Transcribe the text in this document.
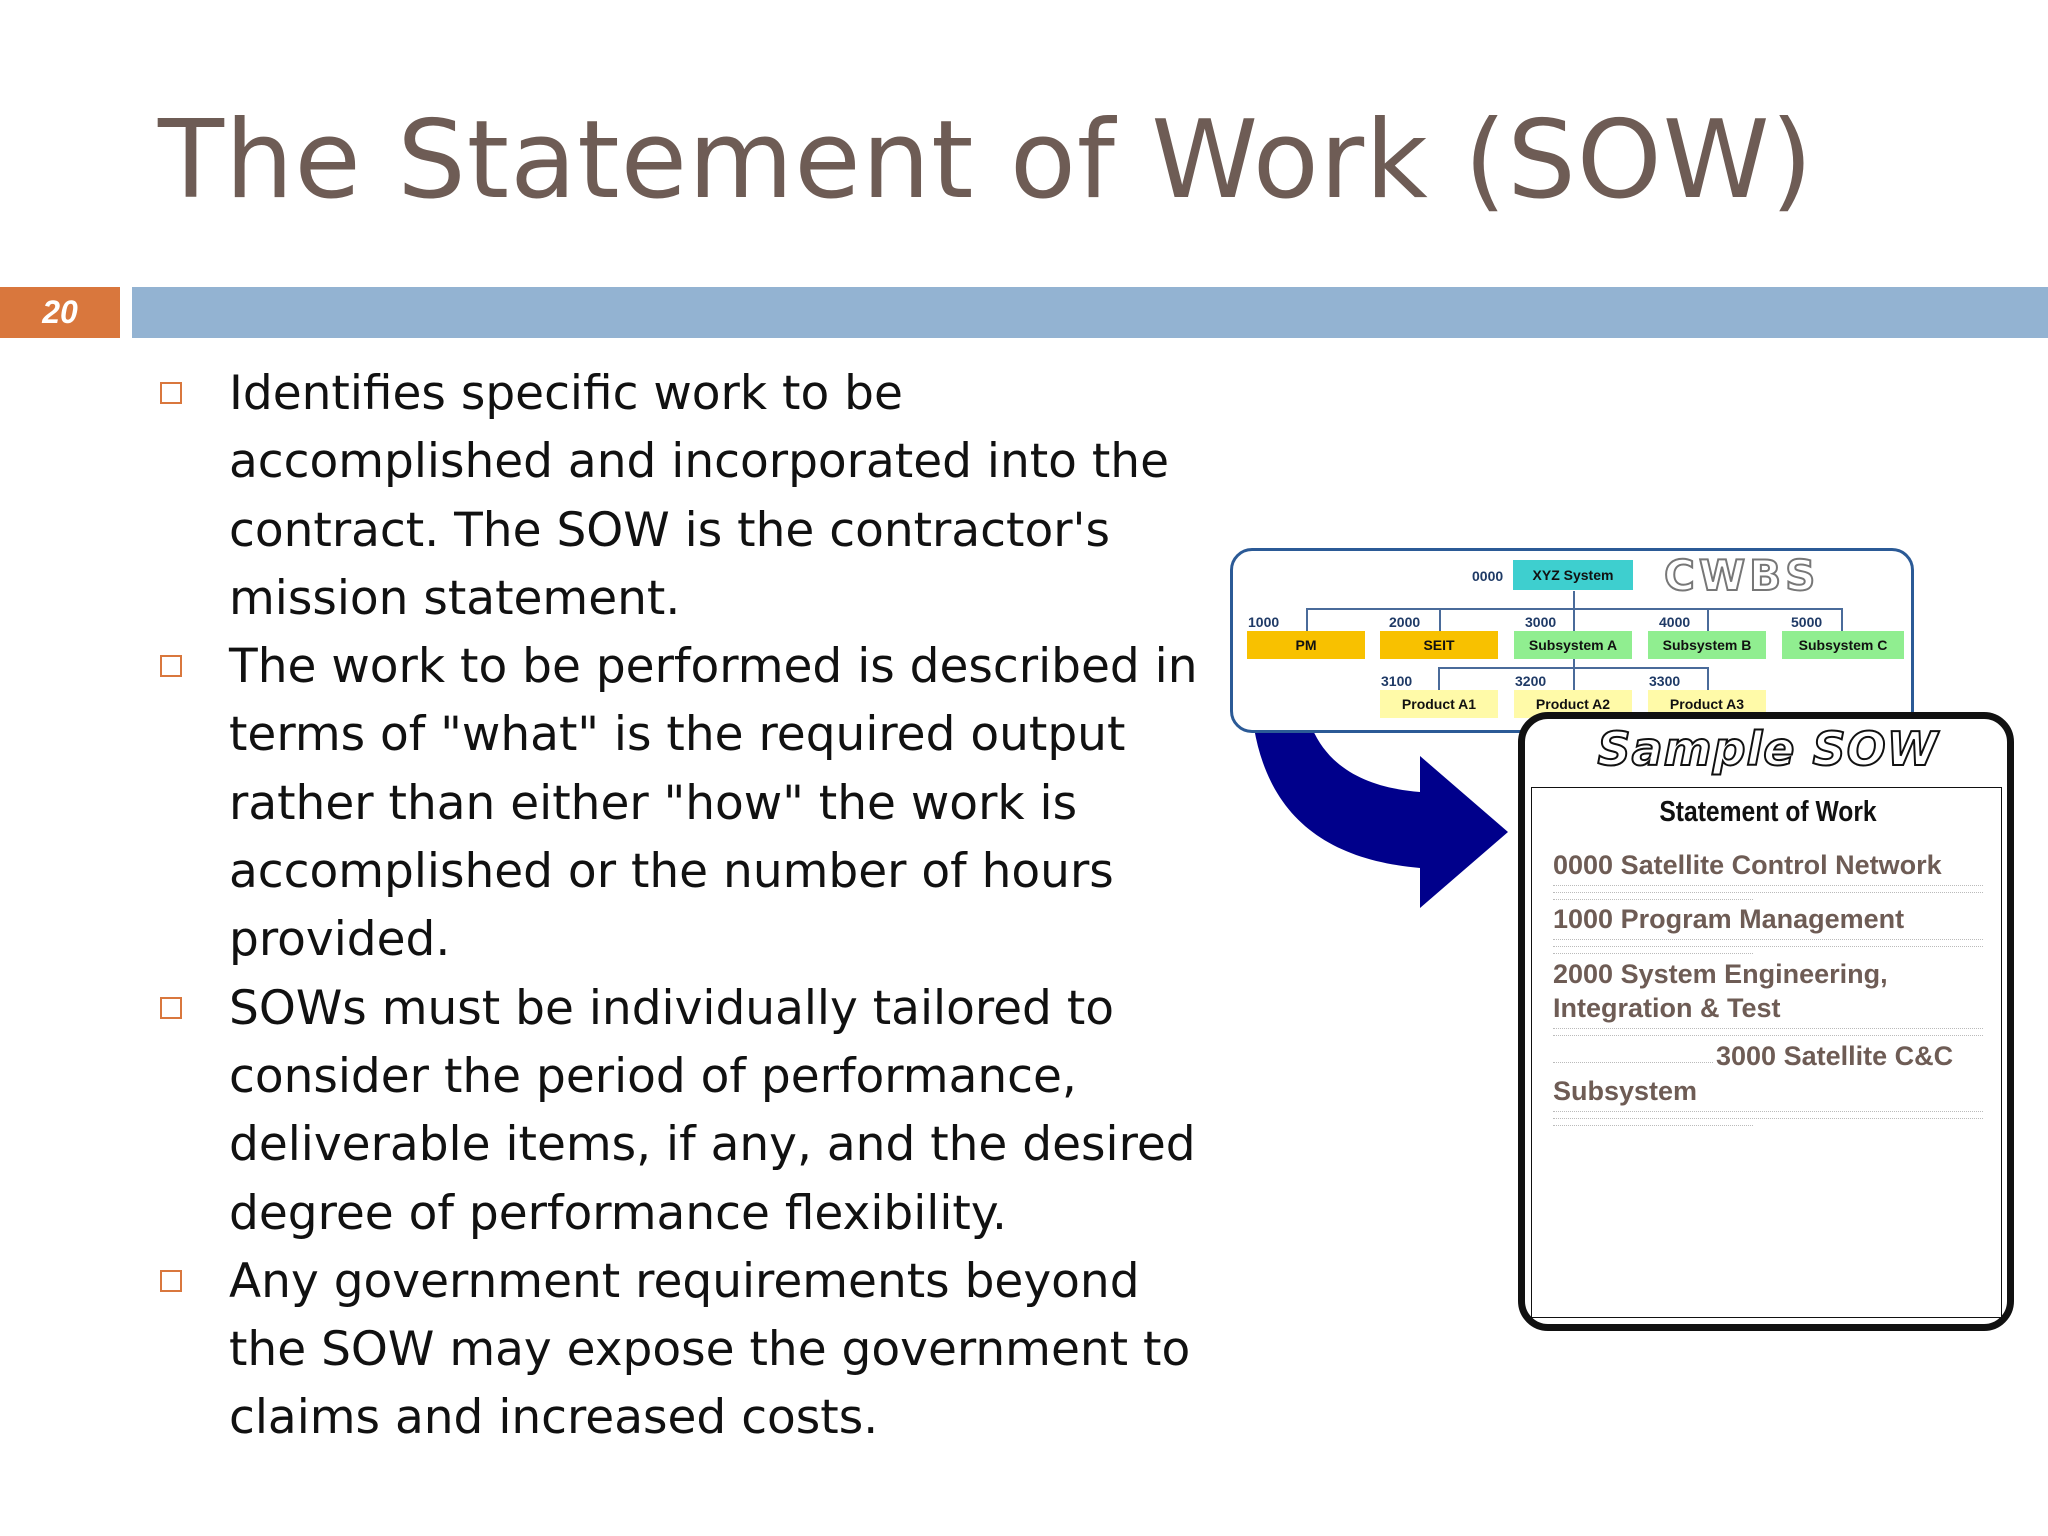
The Statement of Work (SOW)
20
Identifies specific work to be accomplished and incorporated into the contract. The SOW is the contractor's mission statement.
The work to be performed is described in terms of "what" is the required output rather than either "how" the work is accomplished or the number of hours provided.
SOWs must be individually tailored to consider the period of performance, deliverable items, if any, and the desired degree of performance flexibility.
Any government requirements beyond the SOW may expose the government to claims and increased costs.
CWBS
0000	XYZ System
1000
PM
2000
SEIT
3000
Subsystem A
4000
Subsystem B
5000
Subsystem C
3100
Product A1
3200
Product A2
3300
Product A3
Sample SOW
Statement of Work
0000 Satellite Control Network
1000 Program Management
2000 System Engineering,
Integration & Test
3000 Satellite C&C
Subsystem
